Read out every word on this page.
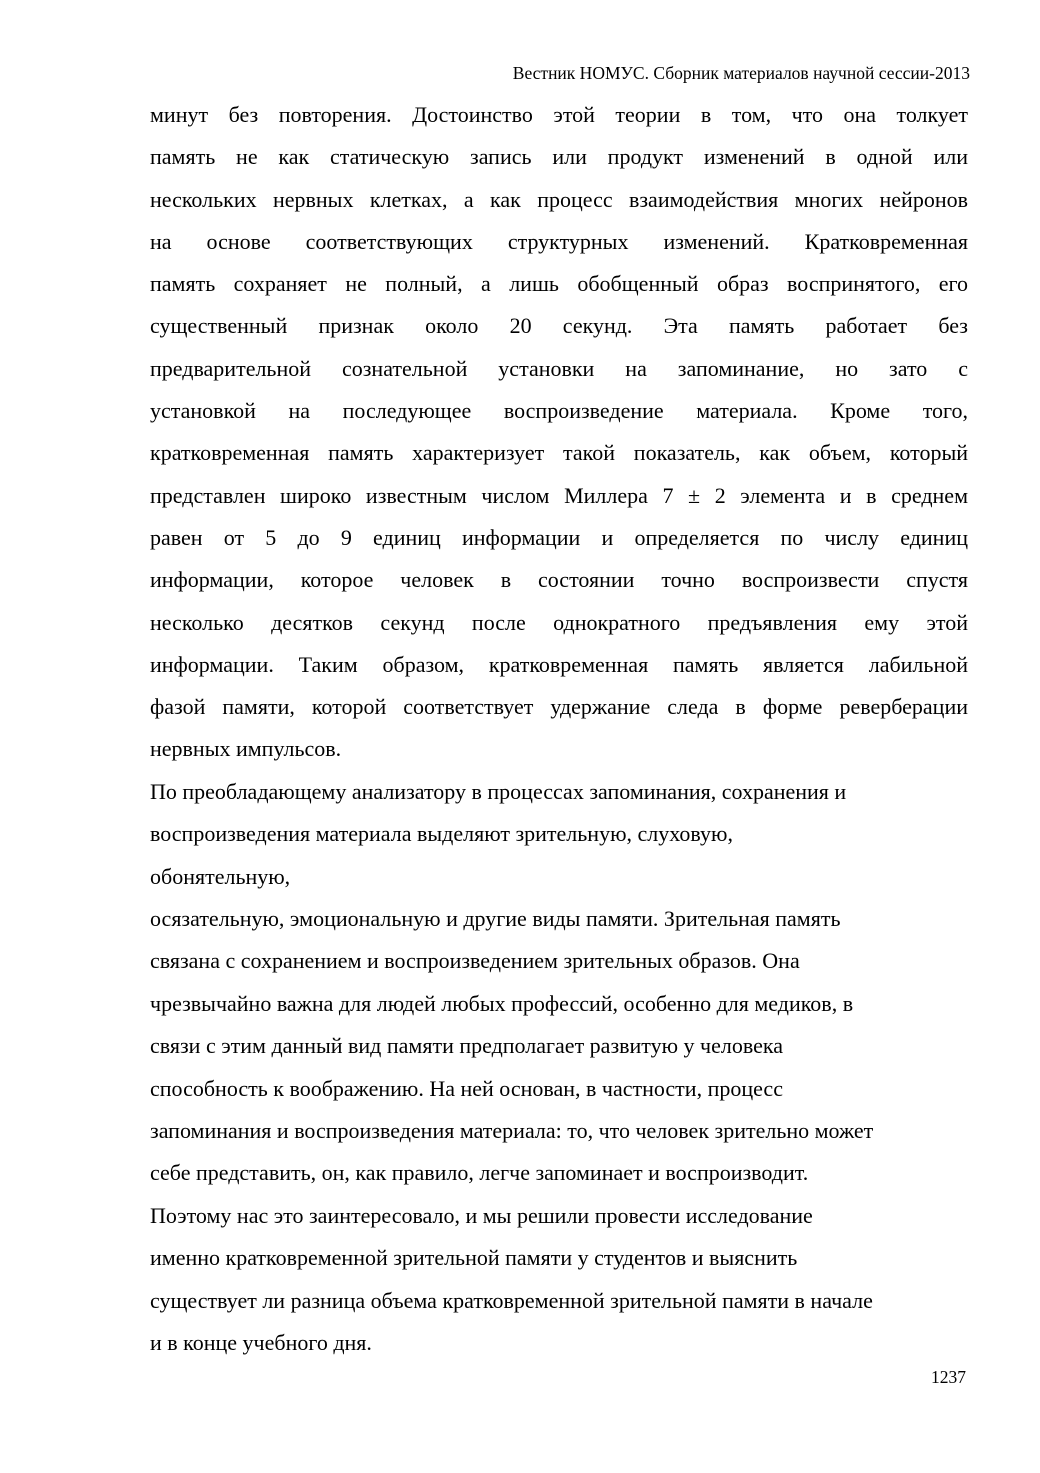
Вестник НОМУС. Сборник материалов научной сессии-2013

минут без повторения. Достоинство этой теории в том, что она толкует
память не как статическую запись или продукт изменений в одной или
нескольких нервных клетках, а как процесс взаимодействия многих нейронов
на основе соответствующих структурных изменений. Кратковременная
память сохраняет не полный, а лишь обобщенный образ воспринятого, его
существенный признак около 20 секунд. Эта память работает без
предварительной сознательной установки на запоминание, но зато с
установкой на последующее воспроизведение материала. Кроме того,
кратковременная память характеризует такой показатель, как объем, который
представлен широко известным числом Миллера 7 ± 2 элемента и в среднем
равен от 5 до 9 единиц информации и определяется по числу единиц
информации, которое человек в состоянии точно воспроизвести спустя
несколько десятков секунд после однократного предъявления ему этой
информации. Таким образом, кратковременная память является лабильной
фазой памяти, которой соответствует удержание следа в форме реверберации
нервных импульсов.

По преобладающему анализатору в процессах запоминания, сохранения и
воспроизведения материала выделяют зрительную, слуховую,
обонятельную,
осязательную, эмоциональную и другие виды памяти. Зрительная память
связана с сохранением и воспроизведением зрительных образов. Она
чрезвычайно важна для людей любых профессий, особенно для медиков, в
связи с этим данный вид памяти предполагает развитую у человека
способность к воображению. На ней основан, в частности, процесс
запоминания и воспроизведения материала: то, что человек зрительно может
себе представить, он, как правило, легче запоминает и воспроизводит.
Поэтому нас это заинтересовало, и мы решили провести исследование
именно кратковременной зрительной памяти у студентов и выяснить
существует ли разница объема кратковременной зрительной памяти в начале
и в конце учебного дня.

1237
